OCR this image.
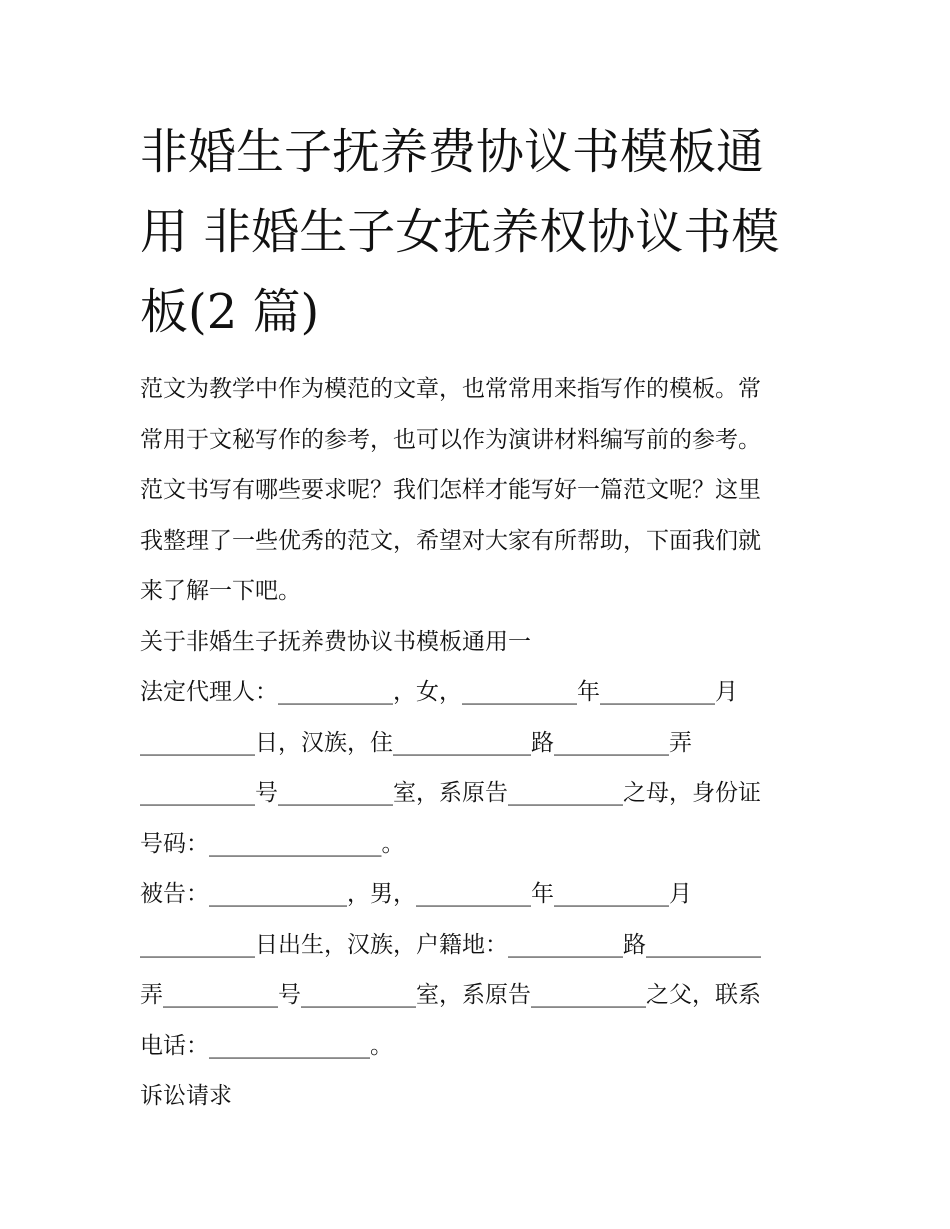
非婚生子抚养费协议书模板通
用 非婚生子女抚养权协议书模
板(2 篇)

范文为教学中作为模范的文章，也常常用来指写作的模板。常
常用于文秘写作的参考，也可以作为演讲材料编写前的参考。
范文书写有哪些要求呢？我们怎样才能写好一篇范文呢？这里
我整理了一些优秀的范文，希望对大家有所帮助，下面我们就
来了解一下吧。

关于非婚生子抚养费协议书模板通用一

法定代理人：__________，女，__________年__________月
__________日，汉族，住____________路__________弄
__________号__________室，系原告__________之母，身份证
号码：_______________。

被告：____________，男，__________年__________月
__________日出生，汉族，户籍地：__________路__________
弄__________号__________室，系原告__________之父，联系
电话：______________。

诉讼请求
